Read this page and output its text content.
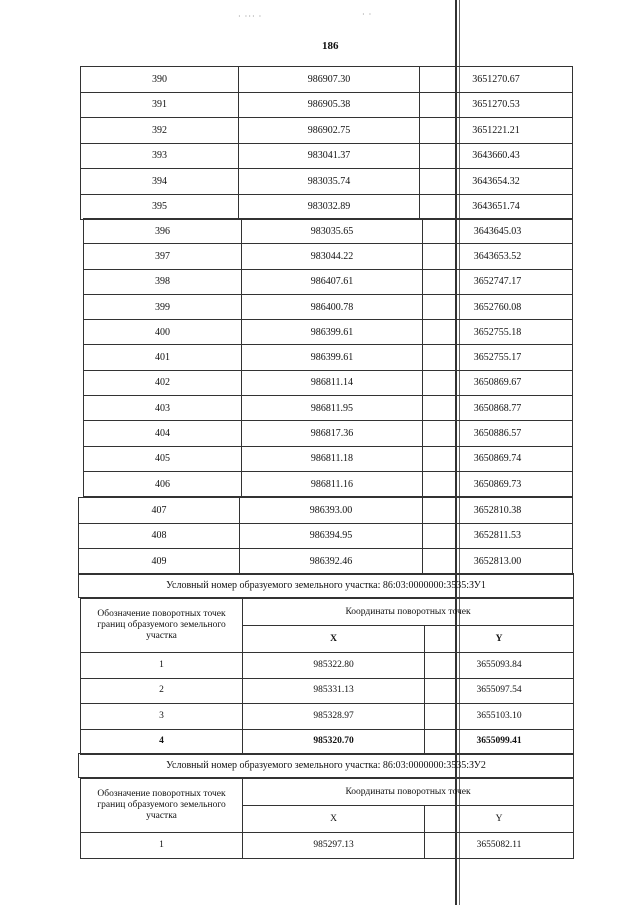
186
· ··· ·	· ·
390	986907.30	3651270.67
391	986905.38	3651270.53
392	986902.75	3651221.21
393	983041.37	3643660.43
394	983035.74	3643654.32
395	983032.89	3643651.74
396	983035.65	3643645.03
397	983044.22	3643653.52
398	986407.61	3652747.17
399	986400.78	3652760.08
400	986399.61	3652755.18
401	986399.61	3652755.17
402	986811.14	3650869.67
403	986811.95	3650868.77
404	986817.36	3650886.57
405	986811.18	3650869.74
406	986811.16	3650869.73
407	986393.00	3652810.38
408	986394.95	3652811.53
409	986392.46	3652813.00
Условный номер образуемого земельного участка: 86:03:0000000:3535:ЗУ1
Обозначение поворотных точек границ образуемого земельного участка	Координаты поворотных точек	
	X	Y
1	985322.80	3655093.84
2	985331.13	3655097.54
3	985328.97	3655103.10
4	985320.70	3655099.41
Условный номер образуемого земельного участка: 86:03:0000000:3535:ЗУ2
Обозначение поворотных точек границ образуемого земельного участка	Координаты поворотных точек	
	X	Y
1	985297.13	3655082.11
